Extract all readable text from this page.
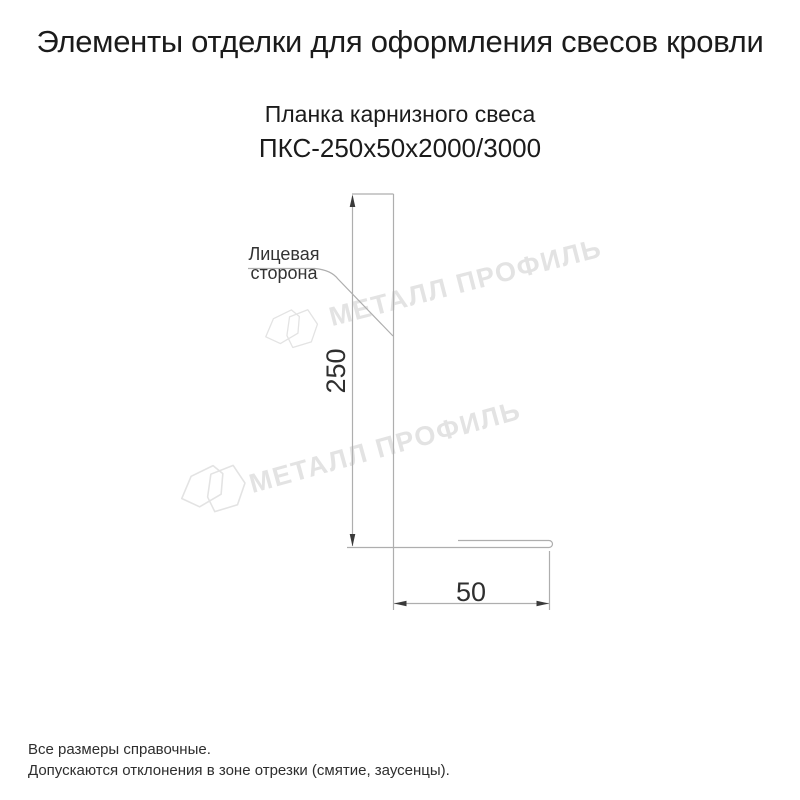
Элементы отделки для оформления свесов кровли
Планка карнизного свеса
ПКС-250х50х2000/3000
МЕТАЛЛ ПРОФИЛЬ
МЕТАЛЛ ПРОФИЛЬ
250
50
Лицевая сторона
Все размеры справочные.
Допускаются отклонения в зоне отрезки (смятие, заусенцы).
